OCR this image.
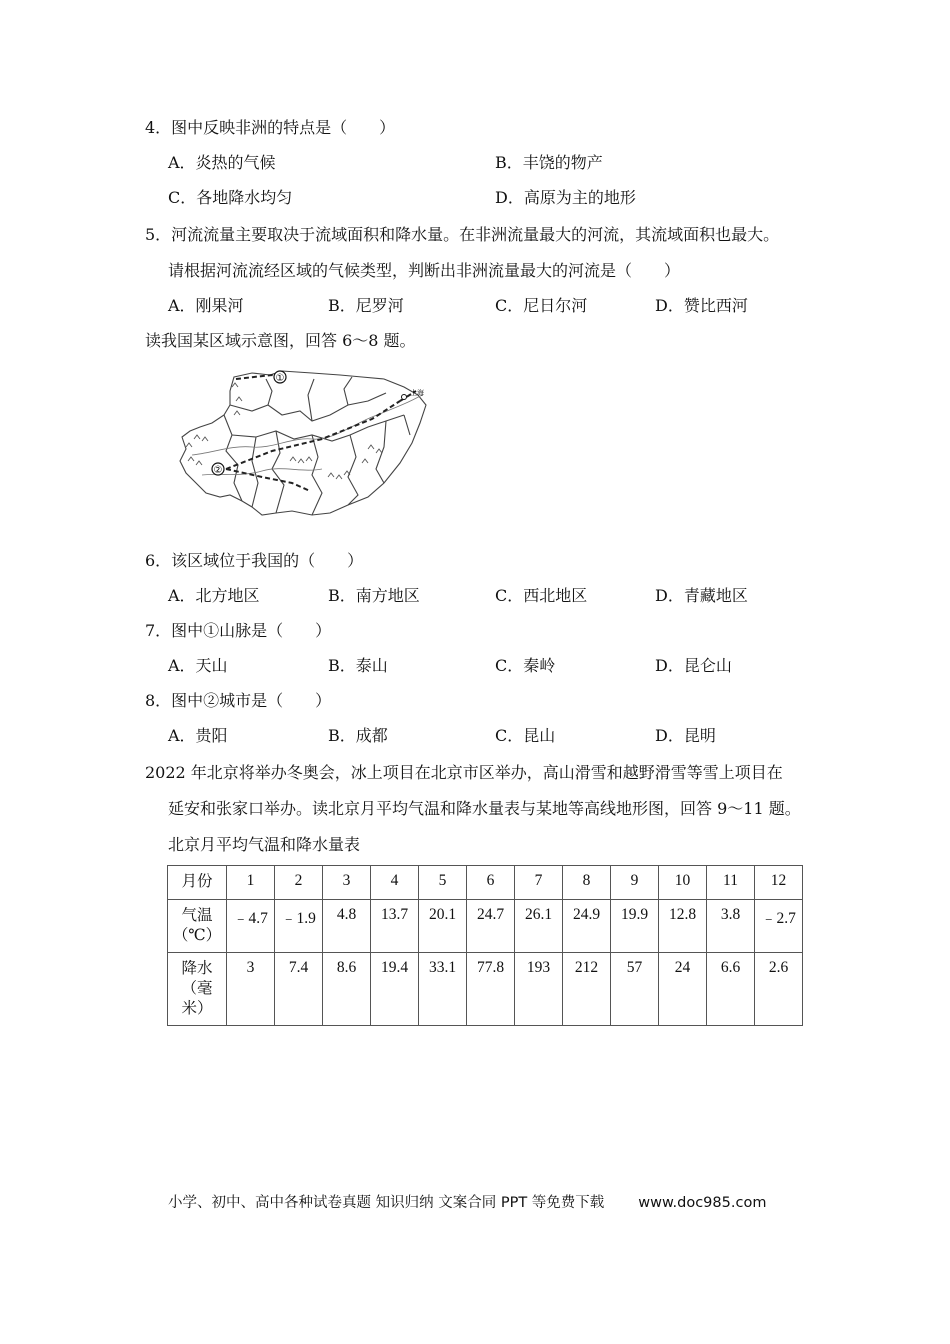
4．图中反映非洲的特点是（　　）
A．炎热的气候	B．丰饶的物产
C．各地降水均匀	D．高原为主的地形
5．河流流量主要取决于流域面积和降水量。在非洲流量最大的河流，其流域面积也最大。
请根据河流流经区域的气候类型，判断出非洲流量最大的河流是（　　）
A．刚果河	B．尼罗河	C．尼日尔河	D．赞比西河
读我国某区域示意图，回答 6～8 题。
①
②
上海
6．该区域位于我国的（　　）
A．北方地区	B．南方地区	C．西北地区	D．青藏地区
7．图中①山脉是（　　）
A．天山	B．泰山	C．秦岭	D．昆仑山
8．图中②城市是（　　）
A．贵阳	B．成都	C．昆山	D．昆明
2022 年北京将举办冬奥会，冰上项目在北京市区举办，高山滑雪和越野滑雪等雪上项目在
延安和张家口举办。读北京月平均气温和降水量表与某地等高线地形图，回答 9～11 题。
北京月平均气温和降水量表
月份	1	2	3	4	5	6	7	8	9	10	11	12

气温
（℃）	﹣4.7	﹣1.9	4.8	13.7	20.1	24.7	26.1	24.9	19.9	12.8	3.8	﹣2.7

降水
（毫
米）	3	7.4	8.6	19.4	33.1	77.8	193	212	57	24	6.6	2.6
小学、初中、高中各种试卷真题 知识归纳 文案合同 PPT 等免费下载 www.doc985.com
